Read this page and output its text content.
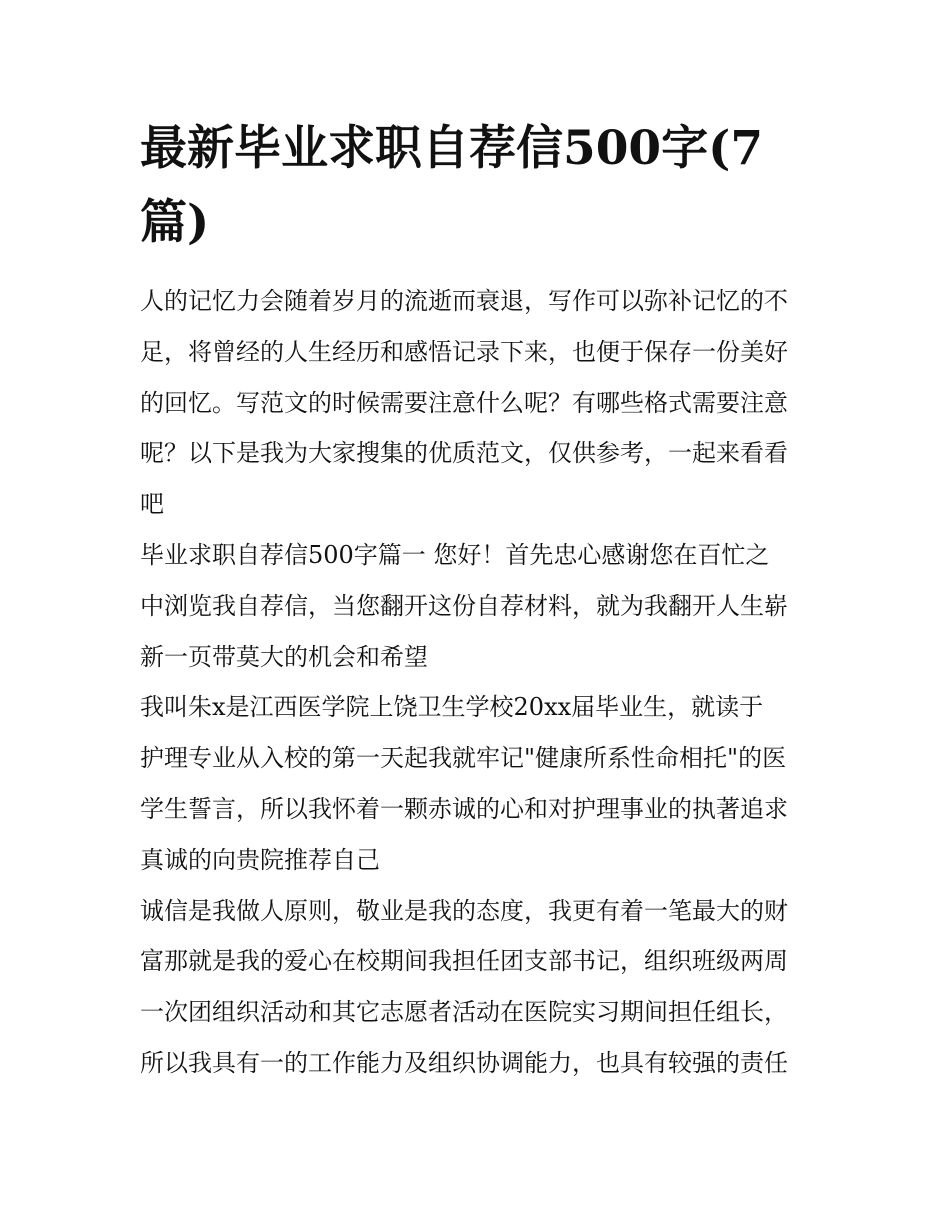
最新毕业求职自荐信500字(7
篇)
人的记忆力会随着岁月的流逝而衰退，写作可以弥补记忆的不
足，将曾经的人生经历和感悟记录下来，也便于保存一份美好
的回忆。写范文的时候需要注意什么呢？有哪些格式需要注意
呢？以下是我为大家搜集的优质范文，仅供参考，一起来看看
吧
毕业求职自荐信500字篇一 您好！首先忠心感谢您在百忙之
中浏览我自荐信，当您翻开这份自荐材料，就为我翻开人生崭
新一页带莫大的机会和希望
我叫朱x是江西医学院上饶卫生学校20xx届毕业生，就读于
护理专业从入校的第一天起我就牢记"健康所系性命相托"的医
学生誓言，所以我怀着一颗赤诚的心和对护理事业的执著追求
真诚的向贵院推荐自己
诚信是我做人原则，敬业是我的态度，我更有着一笔最大的财
富那就是我的爱心在校期间我担任团支部书记，组织班级两周
一次团组织活动和其它志愿者活动在医院实习期间担任组长，
所以我具有一的工作能力及组织协调能力，也具有较强的责任
